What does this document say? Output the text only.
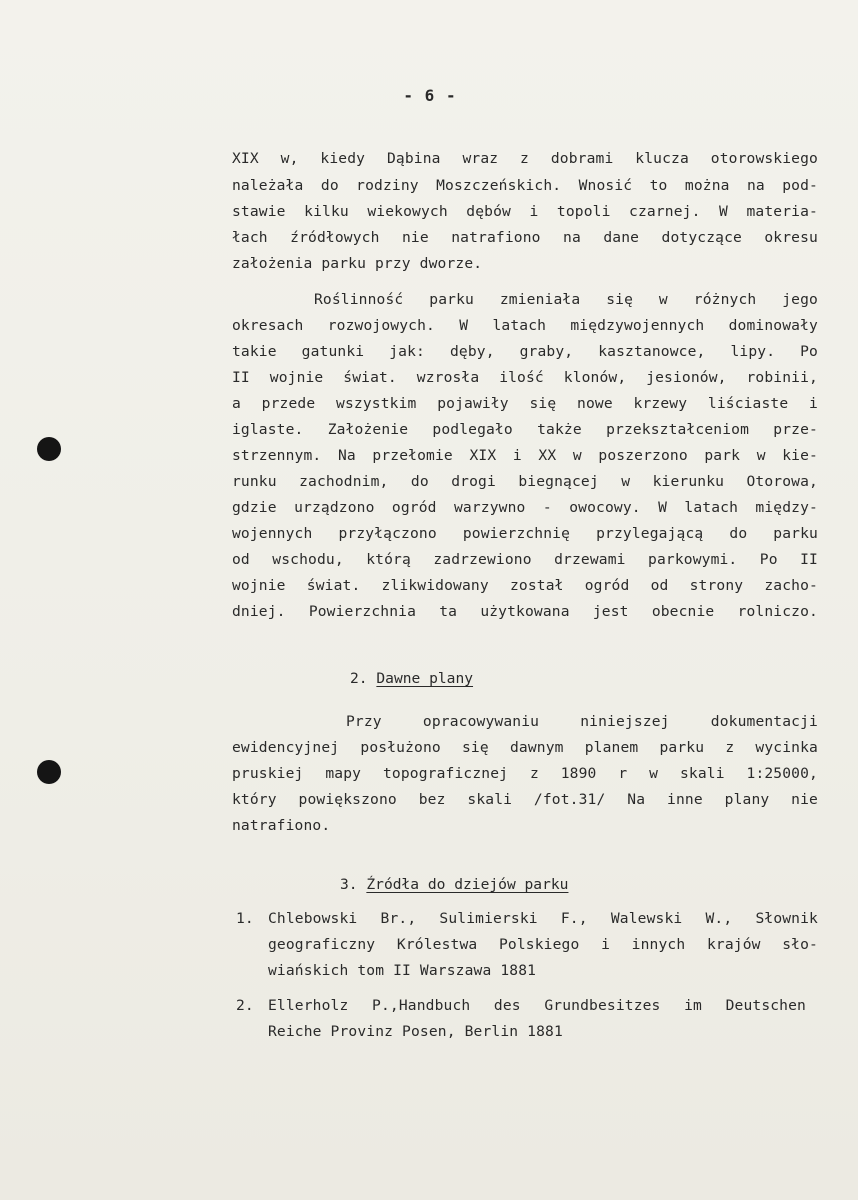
- 6 -
XIX w, kiedy Dąbina wraz z dobrami klucza otorowskiego
należała do rodziny Moszczeńskich. Wnosić to można na pod-
stawie kilku wiekowych dębów i topoli czarnej. W materia-
łach źródłowych nie natrafiono na dane dotyczące okresu
założenia parku przy dworze.
Roślinność parku zmieniała się w różnych jego
okresach rozwojowych. W latach międzywojennych dominowały
takie gatunki jak: dęby, graby, kasztanowce, lipy. Po
II wojnie świat. wzrosła ilość klonów, jesionów, robinii,
a przede wszystkim pojawiły się nowe krzewy liściaste i
iglaste. Założenie podlegało także przekształceniom prze-
strzennym. Na przełomie XIX i XX w poszerzono park w kie-
runku zachodnim, do drogi biegnącej w kierunku Otorowa,
gdzie urządzono ogród warzywno - owocowy. W latach między-
wojennych przyłączono powierzchnię przylegającą do parku
od wschodu, którą zadrzewiono drzewami parkowymi. Po II
wojnie świat. zlikwidowany został ogród od strony zacho-
dniej. Powierzchnia ta użytkowana jest obecnie rolniczo.
2. Dawne plany
Przy opracowywaniu niniejszej dokumentacji
ewidencyjnej posłużono się dawnym planem parku z wycinka
pruskiej mapy topograficznej z 1890 r w skali 1:25000,
który powiększono bez skali /fot.31/ Na inne plany nie
natrafiono.
3. Źródła do dziejów parku
1. Chlebowski Br., Sulimierski F., Walewski W., Słownik
geograficzny Królestwa Polskiego i innych krajów sło-
wiańskich tom II Warszawa 1881
2. Ellerholz P.,Handbuch des Grundbesitzes im Deutschen
Reiche Provinz Posen, Berlin 1881
